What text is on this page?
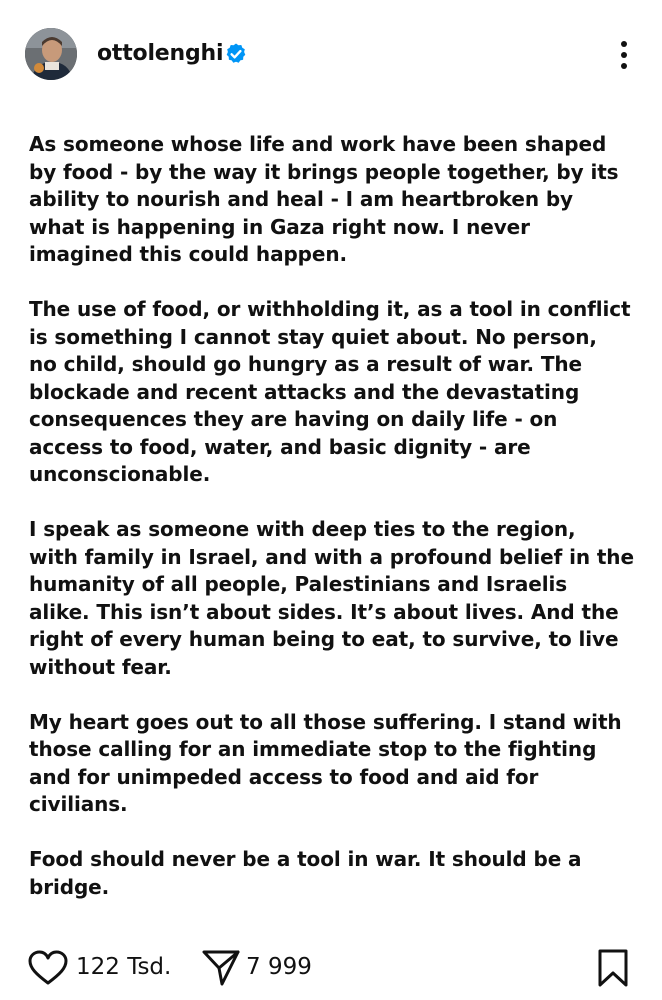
ottolenghi

As someone whose life and work have been shaped
by food - by the way it brings people together, by its
ability to nourish and heal - I am heartbroken by
what is happening in Gaza right now. I never
imagined this could happen.

The use of food, or withholding it, as a tool in conflict
is something I cannot stay quiet about. No person,
no child, should go hungry as a result of war. The
blockade and recent attacks and the devastating
consequences they are having on daily life - on
access to food, water, and basic dignity - are
unconscionable.

I speak as someone with deep ties to the region,
with family in Israel, and with a profound belief in the
humanity of all people, Palestinians and Israelis
alike. This isn’t about sides. It’s about lives. And the
right of every human being to eat, to survive, to live
without fear.

My heart goes out to all those suffering. I stand with
those calling for an immediate stop to the fighting
and for unimpeded access to food and aid for
civilians.

Food should never be a tool in war. It should be a
bridge.

122 Tsd.	7 999
